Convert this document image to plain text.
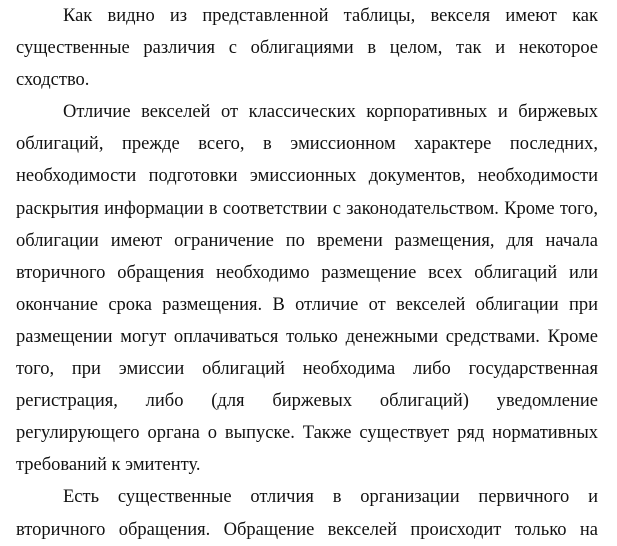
Как видно из представленной таблицы, векселя имеют как
существенные различия с облигациями в целом, так и некоторое
сходство.
Отличие векселей от классических корпоративных и биржевых
облигаций, прежде всего, в эмиссионном характере последних,
необходимости подготовки эмиссионных документов, необходимости
раскрытия информации в соответствии с законодательством. Кроме того,
облигации имеют ограничение по времени размещения, для начала
вторичного обращения необходимо размещение всех облигаций или
окончание срока размещения. В отличие от векселей облигации при
размещении могут оплачиваться только денежными средствами. Кроме
того, при эмиссии облигаций необходима либо государственная
регистрация, либо (для биржевых облигаций) уведомление
регулирующего органа о выпуске. Также существует ряд нормативных
требований к эмитенту.
Есть существенные отличия в организации первичного и
вторичного обращения. Обращение векселей происходит только на
